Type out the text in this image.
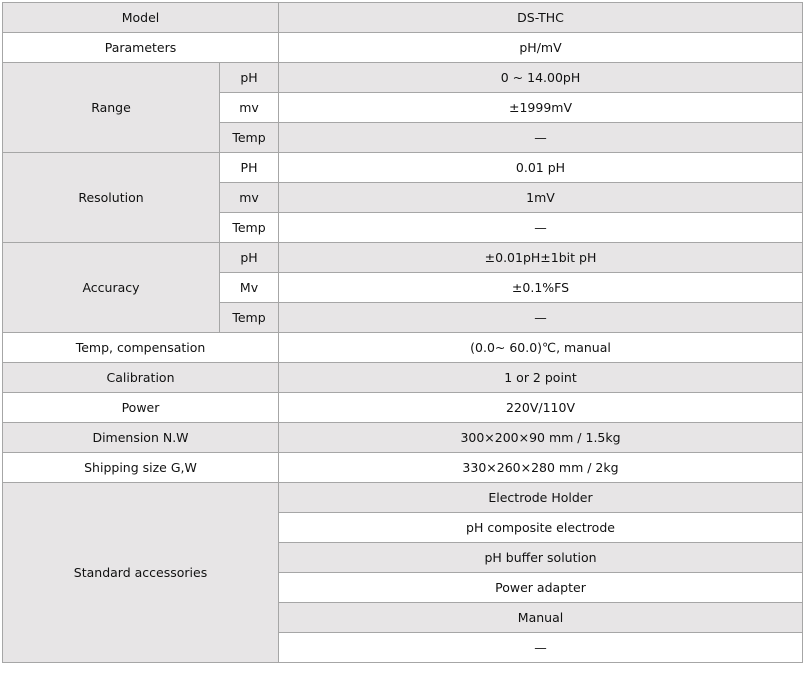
Model		DS-THC
Parameters		pH/mV
Range	pH	0 ~ 14.00pH
	mv	±1999mV
	Temp	—
Resolution	PH	0.01 pH
	mv	1mV
	Temp	—
Accuracy	pH	±0.01pH±1bit pH
	Mv	±0.1%FS
	Temp	—
Temp, compensation		(0.0~ 60.0)℃, manual
Calibration		1 or 2 point
Power		220V/110V
Dimension N.W		300×200×90 mm / 1.5kg
Shipping size G,W		330×260×280 mm / 2kg
Standard accessories		Electrode Holder
		pH composite electrode
		pH buffer solution
		Power adapter
		Manual
		—
